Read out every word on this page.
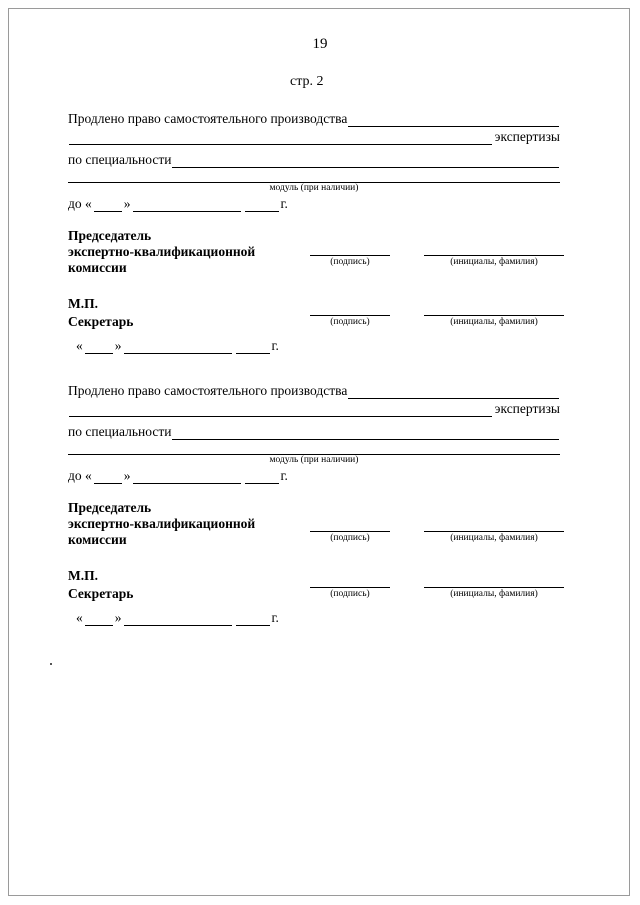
19
стр. 2
Продлено право самостоятельного производства
экспертизы
по специальности
модуль (при наличии)
до « »	г.
Председатель
экспертно-квалификационной
комиссии	(подпись)	(инициалы, фамилия)
М.П.
Секретарь	(подпись)	(инициалы, фамилия)
« »	г.
Продлено право самостоятельного производства
экспертизы
по специальности
модуль (при наличии)
до « »	г.
Председатель
экспертно-квалификационной
комиссии	(подпись)	(инициалы, фамилия)
М.П.
Секретарь	(подпись)	(инициалы, фамилия)
« »	г.
